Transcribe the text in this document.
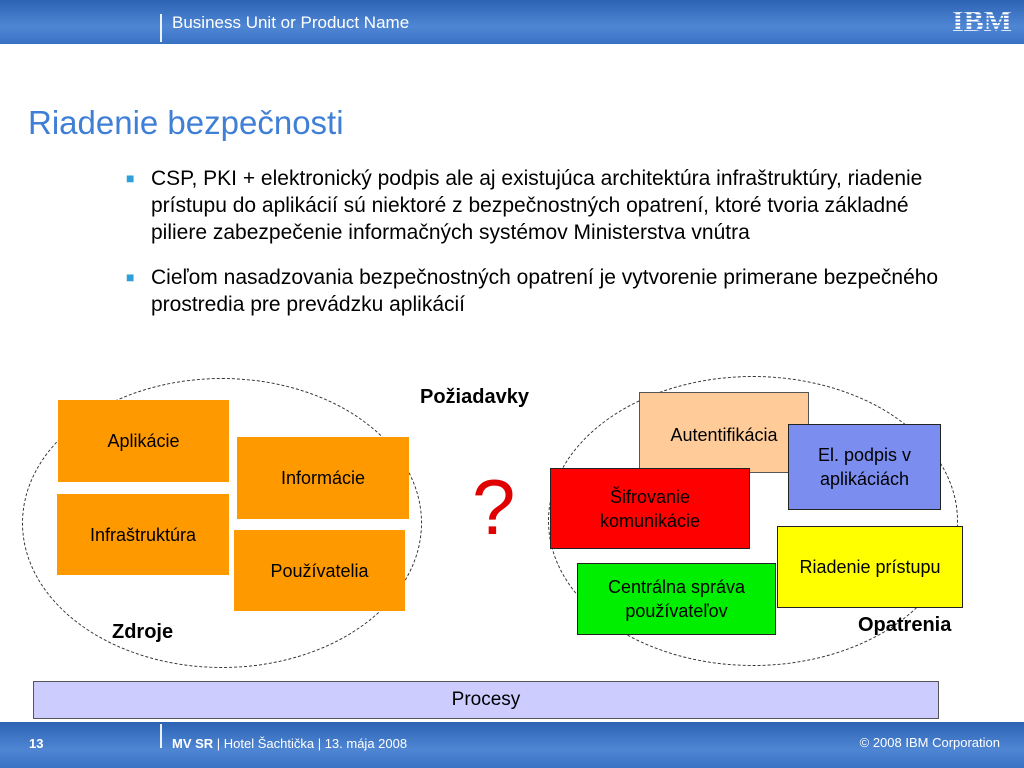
Business Unit or Product Name	IBM
Riadenie bezpečnosti
■ CSP, PKI + elektronický podpis ale aj existujúca architektúra infraštruktúry, riadenie prístupu do aplikácií sú niektoré z bezpečnostných opatrení, ktoré tvoria základné piliere zabezpečenie informačných systémov Ministerstva vnútra
■ Cieľom nasadzovania bezpečnostných opatrení je vytvorenie primerane bezpečného prostredia pre prevádzku aplikácií
Aplikácie
Informácie
Infraštruktúra
Používatelia
Zdroje
Požiadavky
?
Autentifikácia
El. podpis v aplikáciách
Šifrovanie komunikácie
Riadenie prístupu
Centrálna správa používateľov
Opatrenia
Procesy
13	MV SR | Hotel Šachtička | 13. mája 2008	© 2008 IBM Corporation
